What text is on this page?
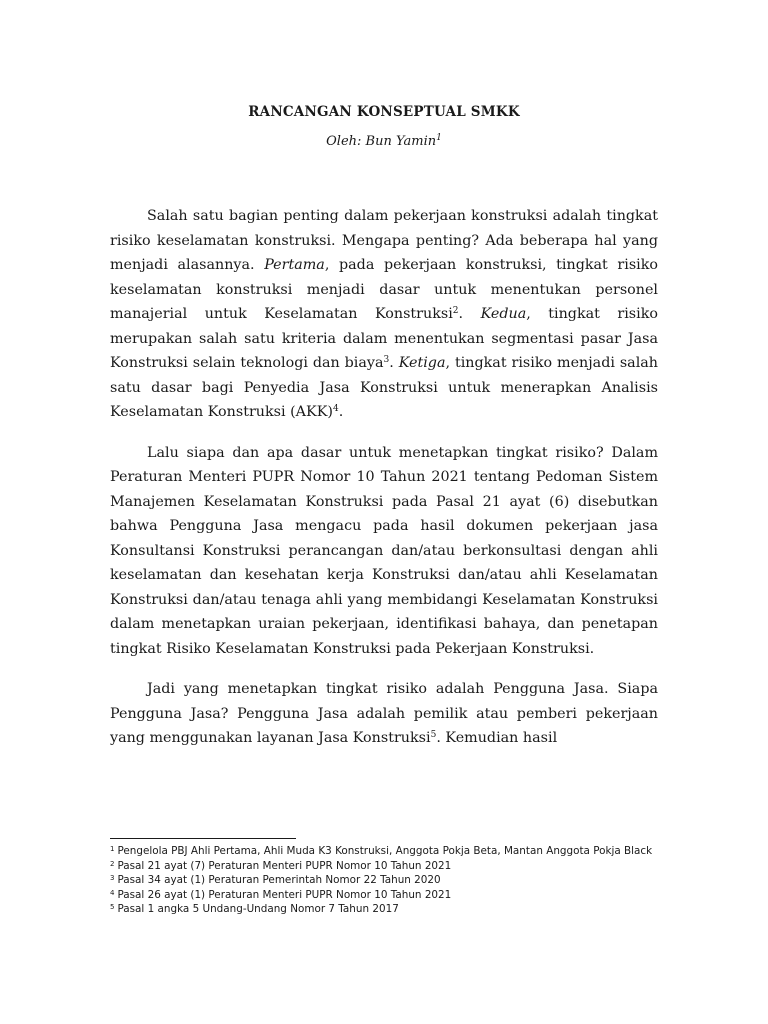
RANCANGAN KONSEPTUAL SMKK

Oleh: Bun Yamin$^1$

Salah satu bagian penting dalam pekerjaan konstruksi adalah tingkat risiko keselamatan konstruksi. Mengapa penting? Ada beberapa hal yang menjadi alasannya. Pertama, pada pekerjaan konstruksi, tingkat risiko keselamatan konstruksi menjadi dasar untuk menentukan personel manajerial untuk Keselamatan Konstruksi$^2$. Kedua, tingkat risiko merupakan salah satu kriteria dalam menentukan segmentasi pasar Jasa Konstruksi selain teknologi dan biaya$^3$. Ketiga, tingkat risiko menjadi salah satu dasar bagi Penyedia Jasa Konstruksi untuk menerapkan Analisis Keselamatan Konstruksi (AKK)$^4$.

Lalu siapa dan apa dasar untuk menetapkan tingkat risiko? Dalam Peraturan Menteri PUPR Nomor 10 Tahun 2021 tentang Pedoman Sistem Manajemen Keselamatan Konstruksi pada Pasal 21 ayat (6) disebutkan bahwa Pengguna Jasa mengacu pada hasil dokumen pekerjaan jasa Konsultansi Konstruksi perancangan dan/atau berkonsultasi dengan ahli keselamatan dan kesehatan kerja Konstruksi dan/atau ahli Keselamatan Konstruksi dan/atau tenaga ahli yang membidangi Keselamatan Konstruksi dalam menetapkan uraian pekerjaan, identifikasi bahaya, dan penetapan tingkat Risiko Keselamatan Konstruksi pada Pekerjaan Konstruksi.

Jadi yang menetapkan tingkat risiko adalah Pengguna Jasa. Siapa Pengguna Jasa? Pengguna Jasa adalah pemilik atau pemberi pekerjaan yang menggunakan layanan Jasa Konstruksi$^5$. Kemudian hasil

$^1$ Pengelola PBJ Ahli Pertama, Ahli Muda K3 Konstruksi, Anggota Pokja Beta, Mantan Anggota Pokja Black
$^2$ Pasal 21 ayat (7) Peraturan Menteri PUPR Nomor 10 Tahun 2021
$^3$ Pasal 34 ayat (1) Peraturan Pemerintah Nomor 22 Tahun 2020
$^4$ Pasal 26 ayat (1) Peraturan Menteri PUPR Nomor 10 Tahun 2021
$^5$ Pasal 1 angka 5 Undang-Undang Nomor 7 Tahun 2017
